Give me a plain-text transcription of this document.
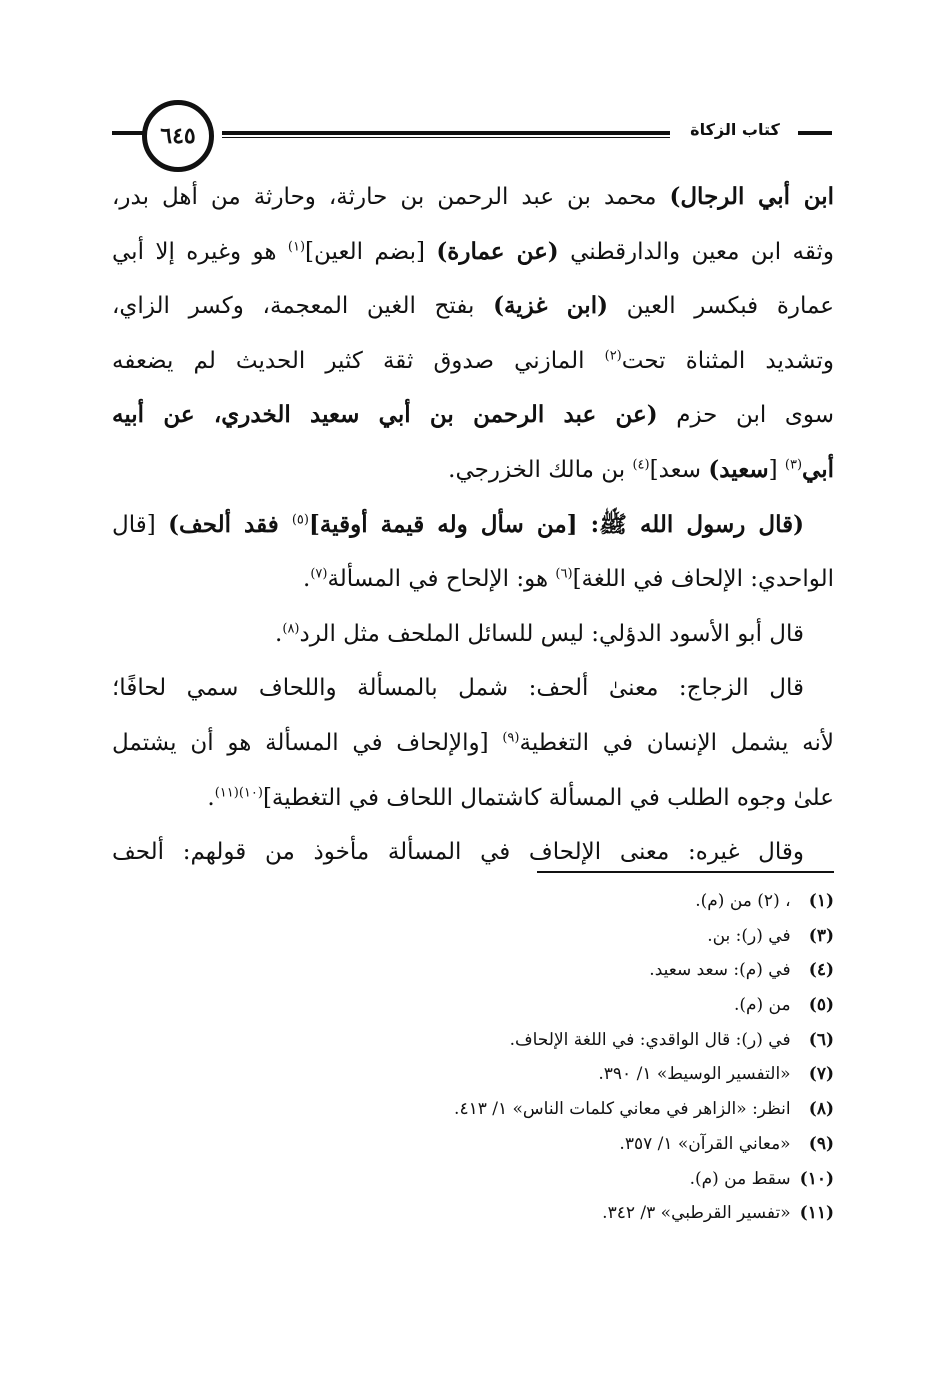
٦٤٥	كتاب الزكاة
ابن أبي الرجال) محمد بن عبد الرحمن بن حارثة، وحارثة من أهل بدر،
وثقه ابن معين والدارقطني (عن عمارة) [بضم العين]$^{(١)}$ هو وغيره إلا أبي
عمارة فبكسر العين (ابن غزية) بفتح الغين المعجمة، وكسر الزاي،
وتشديد المثناة تحت$^{(٢)}$ المازني صدوق ثقة كثير الحديث لم يضعفه
سوى ابن حزم (عن عبد الرحمن بن أبي سعيد الخدري، عن أبيه
أبي$^{(٣)}$ [سعيد) سعد]$^{(٤)}$ بن مالك الخزرجي.
(قال رسول الله ﷺ: [من سأل وله قيمة أوقية]$^{(٥)}$ فقد ألحف) [قال
الواحدي: الإلحاف في اللغة]$^{(٦)}$ هو: الإلحاح في المسألة$^{(٧)}$.
قال أبو الأسود الدؤلي: ليس للسائل الملحف مثل الرد$^{(٨)}$.
قال الزجاج: معنىٰ ألحف: شمل بالمسألة واللحاف سمي لحافًا؛
لأنه يشمل الإنسان في التغطية$^{(٩)}$ [والإلحاف في المسألة هو أن يشتمل
علىٰ وجوه الطلب في المسألة كاشتمال اللحاف في التغطية]$^{(١٠)(١١)}$.
وقال غيره: معنى الإلحاف في المسألة مأخوذ من قولهم: ألحف
(١) ، (٢) من (م).
(٣) في (ر): بن.
(٤) في (م): سعد سعيد.
(٥) من (م).
(٦) في (ر): قال الواقدي: في اللغة الإلحاف.
(٧) «التفسير الوسيط» ١/ ٣٩٠.
(٨) انظر: «الزاهر في معاني كلمات الناس» ١/ ٤١٣.
(٩) «معاني القرآن» ١/ ٣٥٧.
(١٠) سقط من (م).
(١١) «تفسير القرطبي» ٣/ ٣٤٢.
